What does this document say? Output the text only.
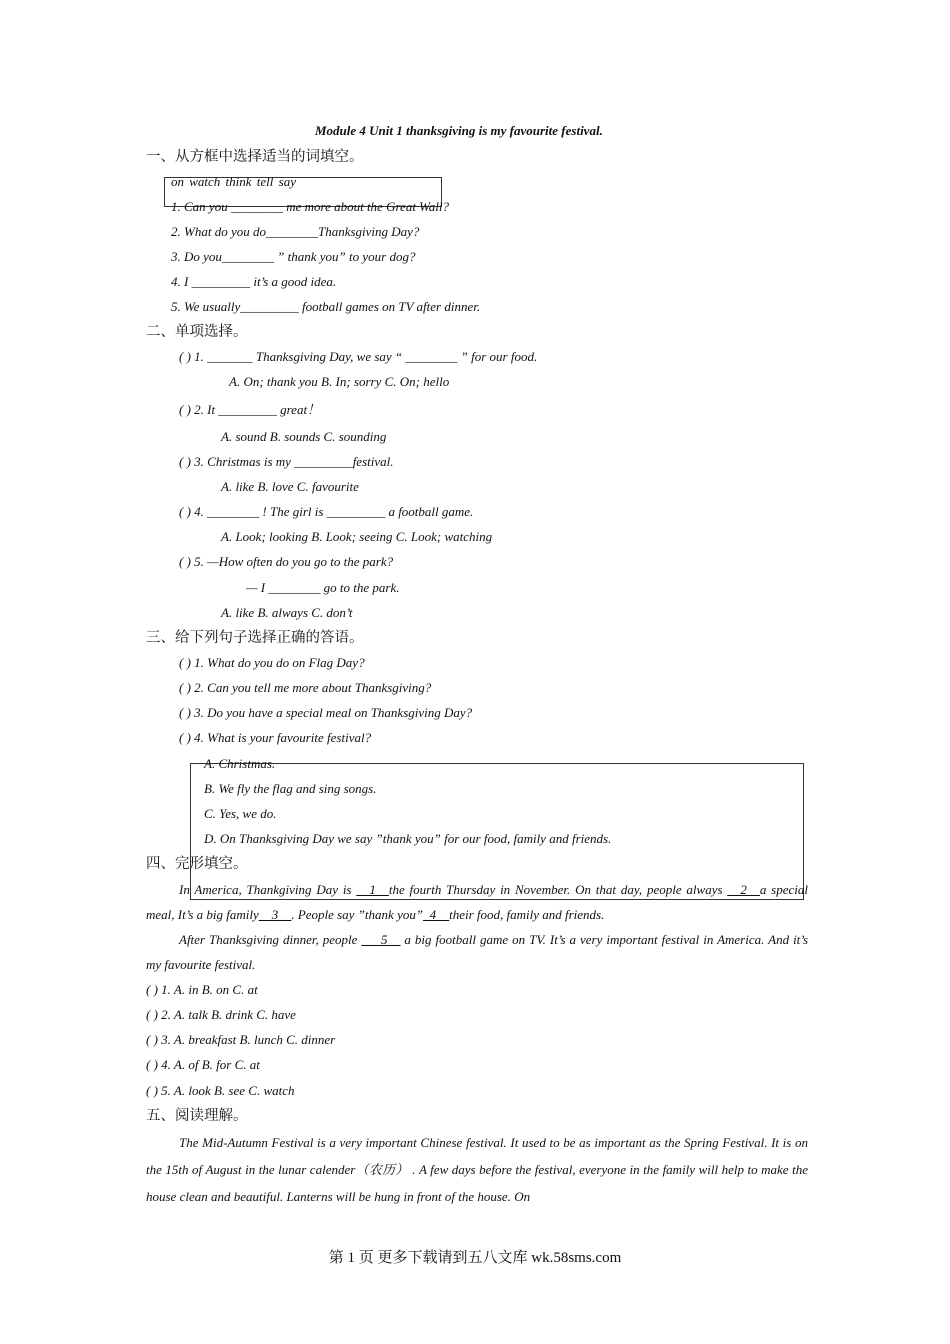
Module 4 Unit 1 thanksgiving is my favourite festival.
一、从方框中选择适当的词填空。
on watch think tell say
1. Can you ________ me more about the Great Wall?
2. What do you do________Thanksgiving Day?
3. Do you________ ” thank you” to your dog?
4. I _________ it’s a good idea.
5. We usually_________ football games on TV after dinner.
二、单项选择。
( ) 1. _______ Thanksgiving Day, we say “ ________ ” for our food.
A. On; thank you B. In; sorry C. On; hello
( ) 2. It _________ great！
A. sound B. sounds C. sounding
( ) 3. Christmas is my _________festival.
A. like B. love C. favourite
( ) 4. ________ ! The girl is _________ a football game.
A. Look; looking B. Look; seeing C. Look; watching
( ) 5. —How often do you go to the park?
— I ________ go to the park.
A. like B. always C. don’t
三、给下列句子选择正确的答语。
( ) 1. What do you do on Flag Day?
( ) 2. Can you tell me more about Thanksgiving?
( ) 3. Do you have a special meal on Thanksgiving Day?
( ) 4. What is your favourite festival?
A. Christmas.
B. We fly the flag and sing songs.
C. Yes, we do.
D. On Thanksgiving Day we say ”thank you” for our food, family and friends.
四、完形填空。
In America, Thankgiving Day is __1__the fourth Thursday in November. On that day, people always __2__a special meal, It’s a big family__3__. People say ”thank you”_4__their food, family and friends.
After Thanksgiving dinner, people ___5__ a big football game on TV. It’s a very important festival in America. And it’s my favourite festival.
( ) 1. A. in B. on C. at
( ) 2. A. talk B. drink C. have
( ) 3. A. breakfast B. lunch C. dinner
( ) 4. A. of B. for C. at
( ) 5. A. look B. see C. watch
五、阅读理解。
The Mid-Autumn Festival is a very important Chinese festival. It used to be as important as the Spring Festival. It is on the 15th of August in the lunar calender（农历） . A few days before the festival, everyone in the family will help to make the house clean and beautiful. Lanterns will be hung in front of the house. On
第 1 页 更多下载请到五八文库 wk.58sms.com
